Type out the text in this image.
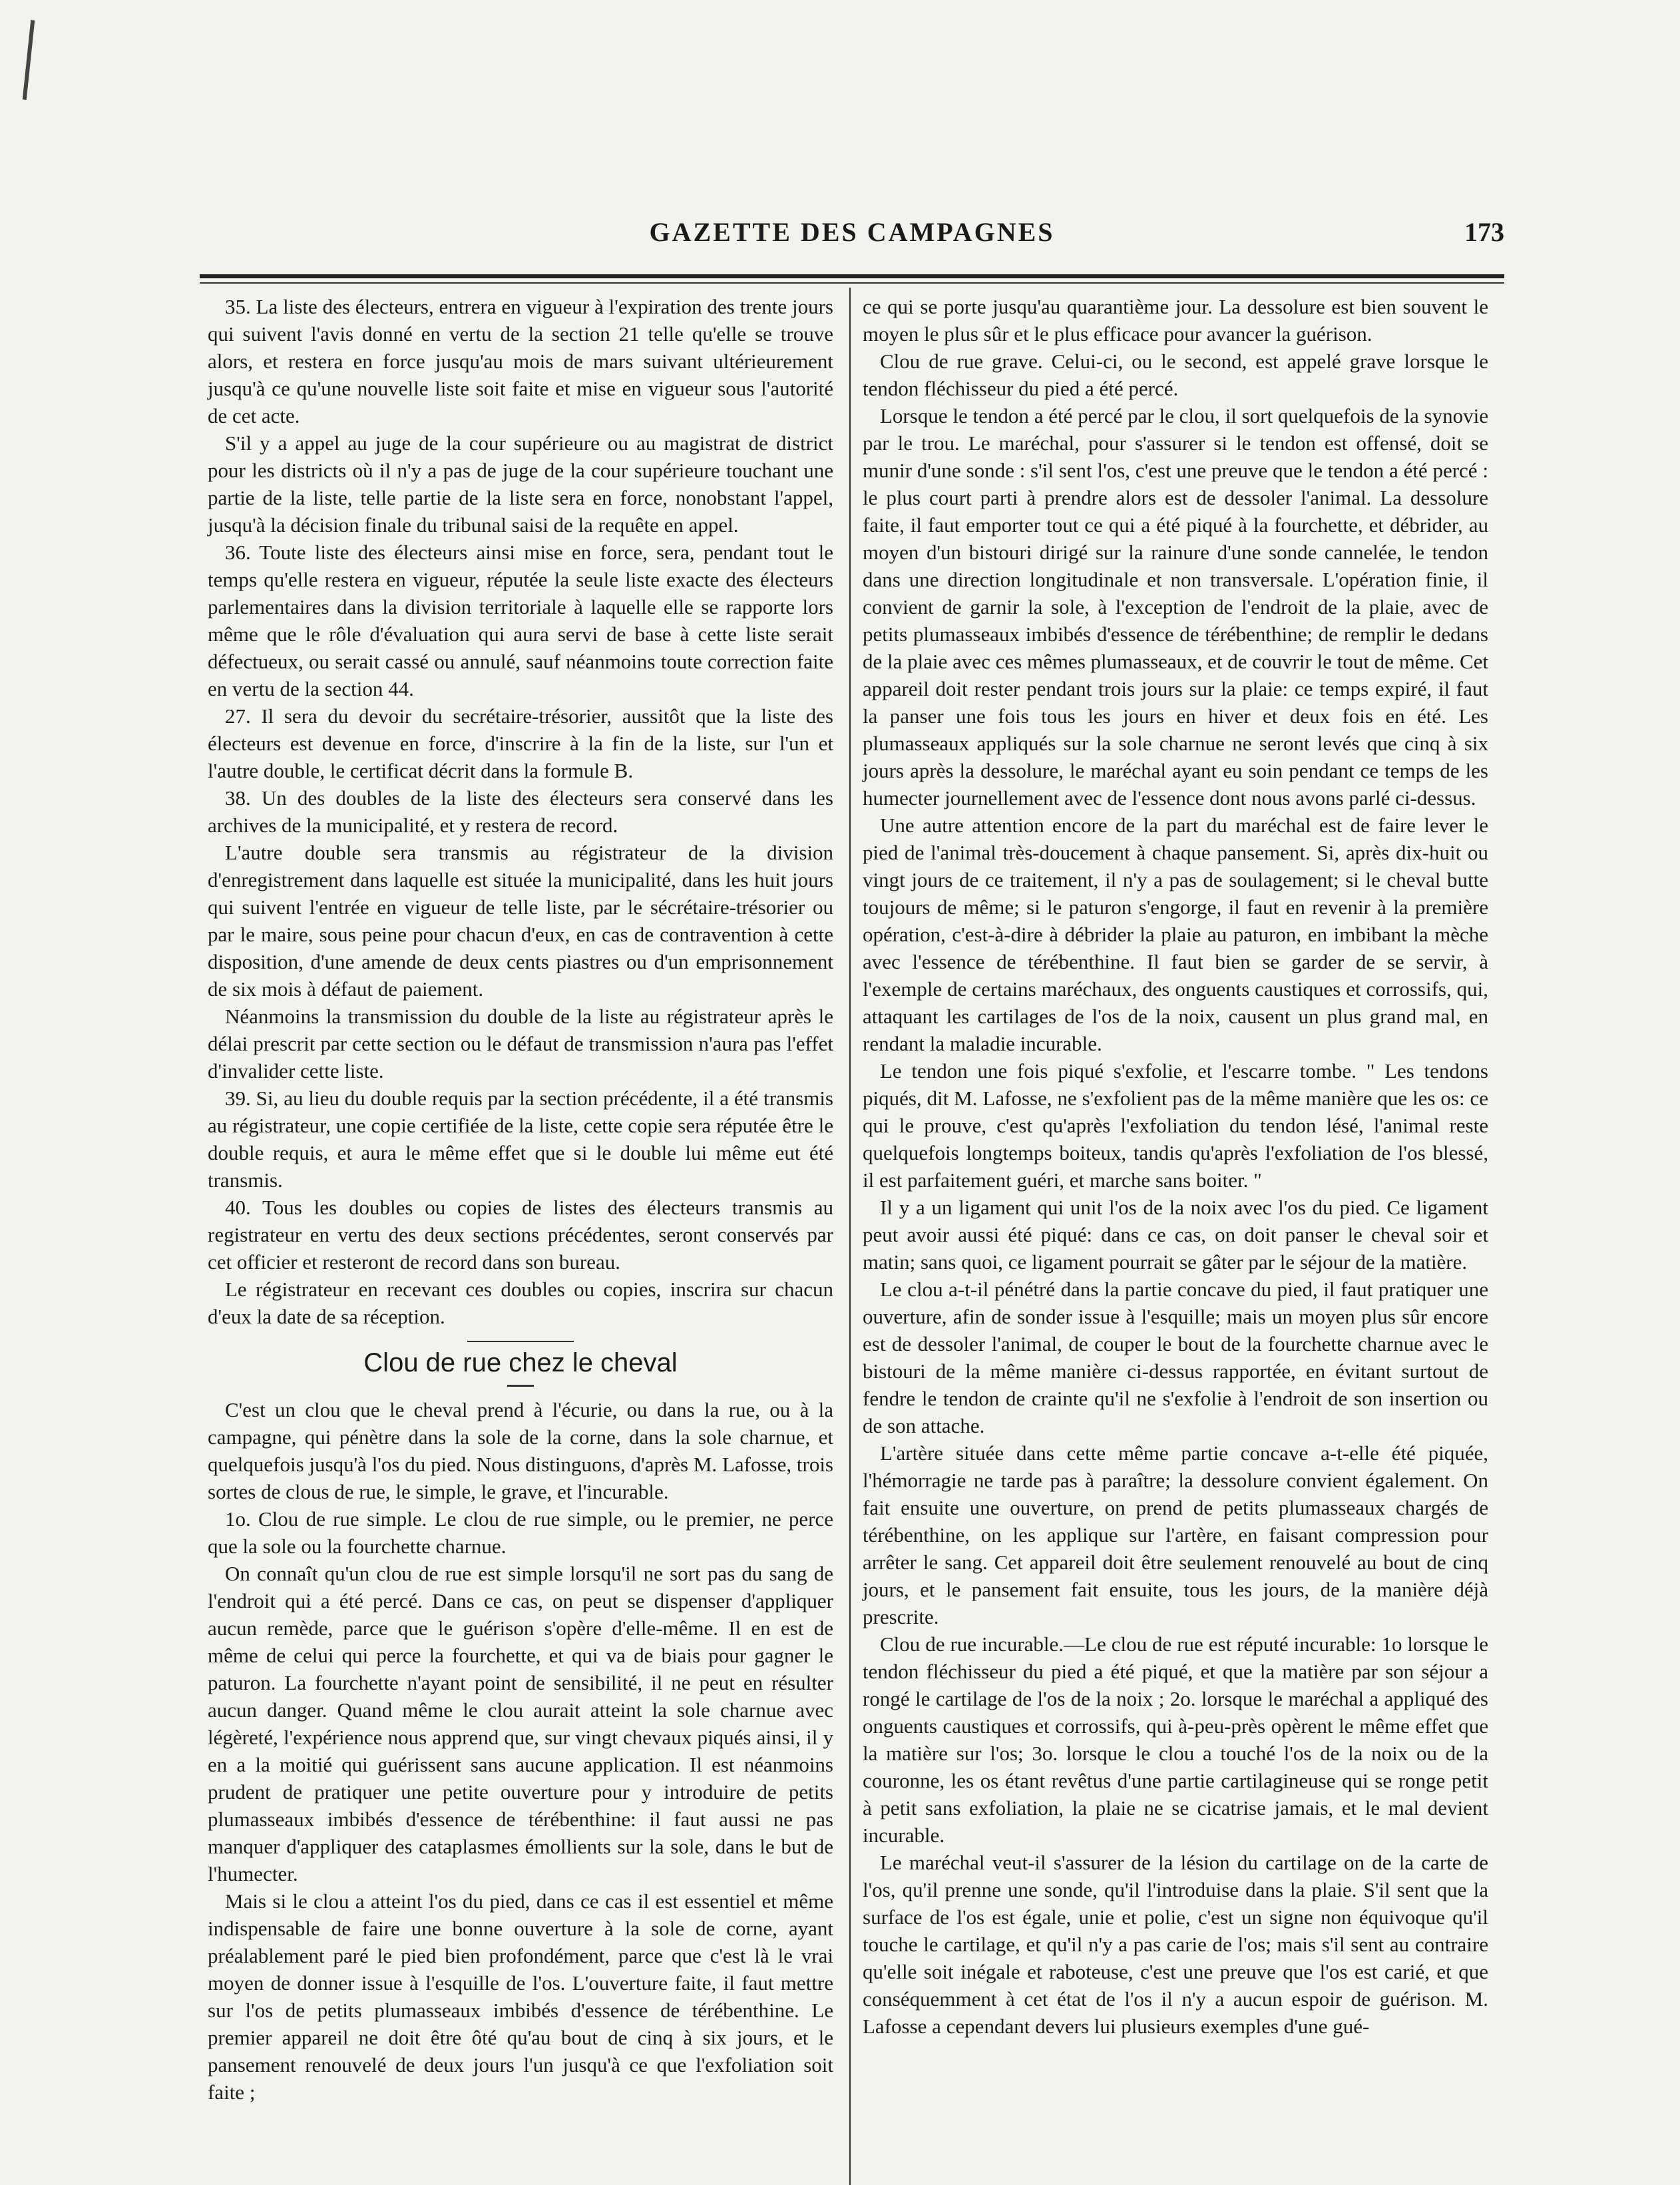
GAZETTE DES CAMPAGNES	173

35. La liste des électeurs, entrera en vigueur à l'expiration des trente jours qui suivent l'avis donné en vertu de la section 21 telle qu'elle se trouve alors, et restera en force jusqu'au mois de mars suivant ultérieurement jusqu'à ce qu'une nouvelle liste soit faite et mise en vigueur sous l'autorité de cet acte.

S'il y a appel au juge de la cour supérieure ou au magistrat de district pour les districts où il n'y a pas de juge de la cour supérieure touchant une partie de la liste, telle partie de la liste sera en force, nonobstant l'appel, jusqu'à la décision finale du tribunal saisi de la requête en appel.

36. Toute liste des électeurs ainsi mise en force, sera, pendant tout le temps qu'elle restera en vigueur, réputée la seule liste exacte des électeurs parlementaires dans la division territoriale à laquelle elle se rapporte lors même que le rôle d'évaluation qui aura servi de base à cette liste serait défectueux, ou serait cassé ou annulé, sauf néanmoins toute correction faite en vertu de la section 44.

27. Il sera du devoir du secrétaire-trésorier, aussitôt que la liste des électeurs est devenue en force, d'inscrire à la fin de la liste, sur l'un et l'autre double, le certificat décrit dans la formule B.

38. Un des doubles de la liste des électeurs sera conservé dans les archives de la municipalité, et y restera de record.

L'autre double sera transmis au régistrateur de la division d'enregistrement dans laquelle est située la municipalité, dans les huit jours qui suivent l'entrée en vigueur de telle liste, par le sécrétaire-trésorier ou par le maire, sous peine pour chacun d'eux, en cas de contravention à cette disposition, d'une amende de deux cents piastres ou d'un emprisonnement de six mois à défaut de paiement.

Néanmoins la transmission du double de la liste au régistrateur après le délai prescrit par cette section ou le défaut de transmission n'aura pas l'effet d'invalider cette liste.

39. Si, au lieu du double requis par la section précédente, il a été transmis au régistrateur, une copie certifiée de la liste, cette copie sera réputée être le double requis, et aura le même effet que si le double lui même eut été transmis.

40. Tous les doubles ou copies de listes des électeurs transmis au registrateur en vertu des deux sections précédentes, seront conservés par cet officier et resteront de record dans son bureau.

Le régistrateur en recevant ces doubles ou copies, inscrira sur chacun d'eux la date de sa réception.

Clou de rue chez le cheval

C'est un clou que le cheval prend à l'écurie, ou dans la rue, ou à la campagne, qui pénètre dans la sole de la corne, dans la sole charnue, et quelquefois jusqu'à l'os du pied. Nous distinguons, d'après M. Lafosse, trois sortes de clous de rue, le simple, le grave, et l'incurable.

1o. Clou de rue simple. Le clou de rue simple, ou le premier, ne perce que la sole ou la fourchette charnue.

On connaît qu'un clou de rue est simple lorsqu'il ne sort pas du sang de l'endroit qui a été percé. Dans ce cas, on peut se dispenser d'appliquer aucun remède, parce que le guérison s'opère d'elle-même. Il en est de même de celui qui perce la fourchette, et qui va de biais pour gagner le paturon. La fourchette n'ayant point de sensibilité, il ne peut en résulter aucun danger. Quand même le clou aurait atteint la sole charnue avec légèreté, l'expérience nous apprend que, sur vingt chevaux piqués ainsi, il y en a la moitié qui guérissent sans aucune application. Il est néanmoins prudent de pratiquer une petite ouverture pour y introduire de petits plumasseaux imbibés d'essence de térébenthine: il faut aussi ne pas manquer d'appliquer des cataplasmes émollients sur la sole, dans le but de l'humecter.

Mais si le clou a atteint l'os du pied, dans ce cas il est essentiel et même indispensable de faire une bonne ouverture à la sole de corne, ayant préalablement paré le pied bien profondément, parce que c'est là le vrai moyen de donner issue à l'esquille de l'os. L'ouverture faite, il faut mettre sur l'os de petits plumasseaux imbibés d'essence de térébenthine. Le premier appareil ne doit être ôté qu'au bout de cinq à six jours, et le pansement renouvelé de deux jours l'un jusqu'à ce que l'exfoliation soit faite ;

ce qui se porte jusqu'au quarantième jour. La dessolure est bien souvent le moyen le plus sûr et le plus efficace pour avancer la guérison.

Clou de rue grave. Celui-ci, ou le second, est appelé grave lorsque le tendon fléchisseur du pied a été percé.

Lorsque le tendon a été percé par le clou, il sort quelquefois de la synovie par le trou. Le maréchal, pour s'assurer si le tendon est offensé, doit se munir d'une sonde : s'il sent l'os, c'est une preuve que le tendon a été percé : le plus court parti à prendre alors est de dessoler l'animal. La dessolure faite, il faut emporter tout ce qui a été piqué à la fourchette, et débrider, au moyen d'un bistouri dirigé sur la rainure d'une sonde cannelée, le tendon dans une direction longitudinale et non transversale. L'opération finie, il convient de garnir la sole, à l'exception de l'endroit de la plaie, avec de petits plumasseaux imbibés d'essence de térébenthine; de remplir le dedans de la plaie avec ces mêmes plumasseaux, et de couvrir le tout de même. Cet appareil doit rester pendant trois jours sur la plaie: ce temps expiré, il faut la panser une fois tous les jours en hiver et deux fois en été. Les plumasseaux appliqués sur la sole charnue ne seront levés que cinq à six jours après la dessolure, le maréchal ayant eu soin pendant ce temps de les humecter journellement avec de l'essence dont nous avons parlé ci-dessus.

Une autre attention encore de la part du maréchal est de faire lever le pied de l'animal très-doucement à chaque pansement. Si, après dix-huit ou vingt jours de ce traitement, il n'y a pas de soulagement; si le cheval butte toujours de même; si le paturon s'engorge, il faut en revenir à la première opération, c'est-à-dire à débrider la plaie au paturon, en imbibant la mèche avec l'essence de térébenthine. Il faut bien se garder de se servir, à l'exemple de certains maréchaux, des onguents caustiques et corrossifs, qui, attaquant les cartilages de l'os de la noix, causent un plus grand mal, en rendant la maladie incurable.

Le tendon une fois piqué s'exfolie, et l'escarre tombe. " Les tendons piqués, dit M. Lafosse, ne s'exfolient pas de la même manière que les os: ce qui le prouve, c'est qu'après l'exfoliation du tendon lésé, l'animal reste quelquefois longtemps boiteux, tandis qu'après l'exfoliation de l'os blessé, il est parfaitement guéri, et marche sans boiter. "

Il y a un ligament qui unit l'os de la noix avec l'os du pied. Ce ligament peut avoir aussi été piqué: dans ce cas, on doit panser le cheval soir et matin; sans quoi, ce ligament pourrait se gâter par le séjour de la matière.

Le clou a-t-il pénétré dans la partie concave du pied, il faut pratiquer une ouverture, afin de sonder issue à l'esquille; mais un moyen plus sûr encore est de dessoler l'animal, de couper le bout de la fourchette charnue avec le bistouri de la même manière ci-dessus rapportée, en évitant surtout de fendre le tendon de crainte qu'il ne s'exfolie à l'endroit de son insertion ou de son attache.

L'artère située dans cette même partie concave a-t-elle été piquée, l'hémorragie ne tarde pas à paraître; la dessolure convient également. On fait ensuite une ouverture, on prend de petits plumasseaux chargés de térébenthine, on les applique sur l'artère, en faisant compression pour arrêter le sang. Cet appareil doit être seulement renouvelé au bout de cinq jours, et le pansement fait ensuite, tous les jours, de la manière déjà prescrite.

Clou de rue incurable.—Le clou de rue est réputé incurable: 1o lorsque le tendon fléchisseur du pied a été piqué, et que la matière par son séjour a rongé le cartilage de l'os de la noix ; 2o. lorsque le maréchal a appliqué des onguents caustiques et corrossifs, qui à-peu-près opèrent le même effet que la matière sur l'os; 3o. lorsque le clou a touché l'os de la noix ou de la couronne, les os étant revêtus d'une partie cartilagineuse qui se ronge petit à petit sans exfoliation, la plaie ne se cicatrise jamais, et le mal devient incurable.

Le maréchal veut-il s'assurer de la lésion du cartilage on de la carte de l'os, qu'il prenne une sonde, qu'il l'introduise dans la plaie. S'il sent que la surface de l'os est égale, unie et polie, c'est un signe non équivoque qu'il touche le cartilage, et qu'il n'y a pas carie de l'os; mais s'il sent au contraire qu'elle soit inégale et raboteuse, c'est une preuve que l'os est carié, et que conséquemment à cet état de l'os il n'y a aucun espoir de guérison. M. Lafosse a cependant devers lui plusieurs exemples d'une gué-
